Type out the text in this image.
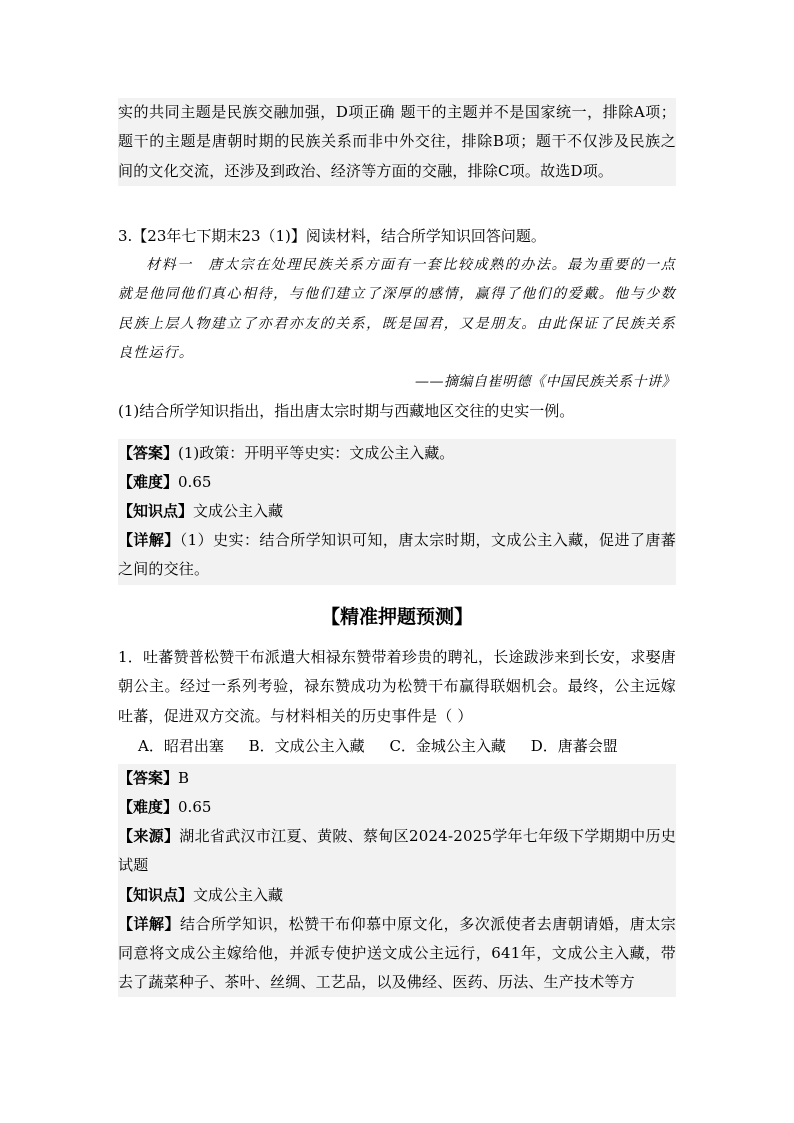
实的共同主题是民族交融加强，D项正确 题干的主题并不是国家统一，排除A项；题干的主题是唐朝时期的民族关系而非中外交往，排除B项；题干不仅涉及民族之间的文化交流，还涉及到政治、经济等方面的交融，排除C项。故选D项。

3.【23年七下期末23（1)】阅读材料，结合所学知识回答问题。

材料一　唐太宗在处理民族关系方面有一套比较成熟的办法。最为重要的一点就是他同他们真心相待，与他们建立了深厚的感情，赢得了他们的爱戴。他与少数民族上层人物建立了亦君亦友的关系，既是国君，又是朋友。由此保证了民族关系良性运行。

——摘编自崔明德《中国民族关系十讲》

(1)结合所学知识指出，指出唐太宗时期与西藏地区交往的史实一例。

【答案】(1)政策：开明平等史实：文成公主入藏。

【难度】0.65

【知识点】文成公主入藏

【详解】（1）史实：结合所学知识可知，唐太宗时期，文成公主入藏，促进了唐蕃之间的交往。

【精准押题预测】

1．吐蕃赞普松赞干布派遣大相禄东赞带着珍贵的聘礼，长途跋涉来到长安，求娶唐朝公主。经过一系列考验，禄东赞成功为松赞干布赢得联姻机会。最终，公主远嫁吐蕃，促进双方交流。与材料相关的历史事件是（ ）

A．昭君出塞 B．文成公主入藏 C．金城公主入藏 D．唐蕃会盟

【答案】B

【难度】0.65

【来源】湖北省武汉市江夏、黄陂、蔡甸区2024-2025学年七年级下学期期中历史试题

【知识点】文成公主入藏

【详解】结合所学知识，松赞干布仰慕中原文化，多次派使者去唐朝请婚，唐太宗同意将文成公主嫁给他，并派专使护送文成公主远行，641年，文成公主入藏，带去了蔬菜种子、茶叶、丝绸、工艺品，以及佛经、医药、历法、生产技术等方
